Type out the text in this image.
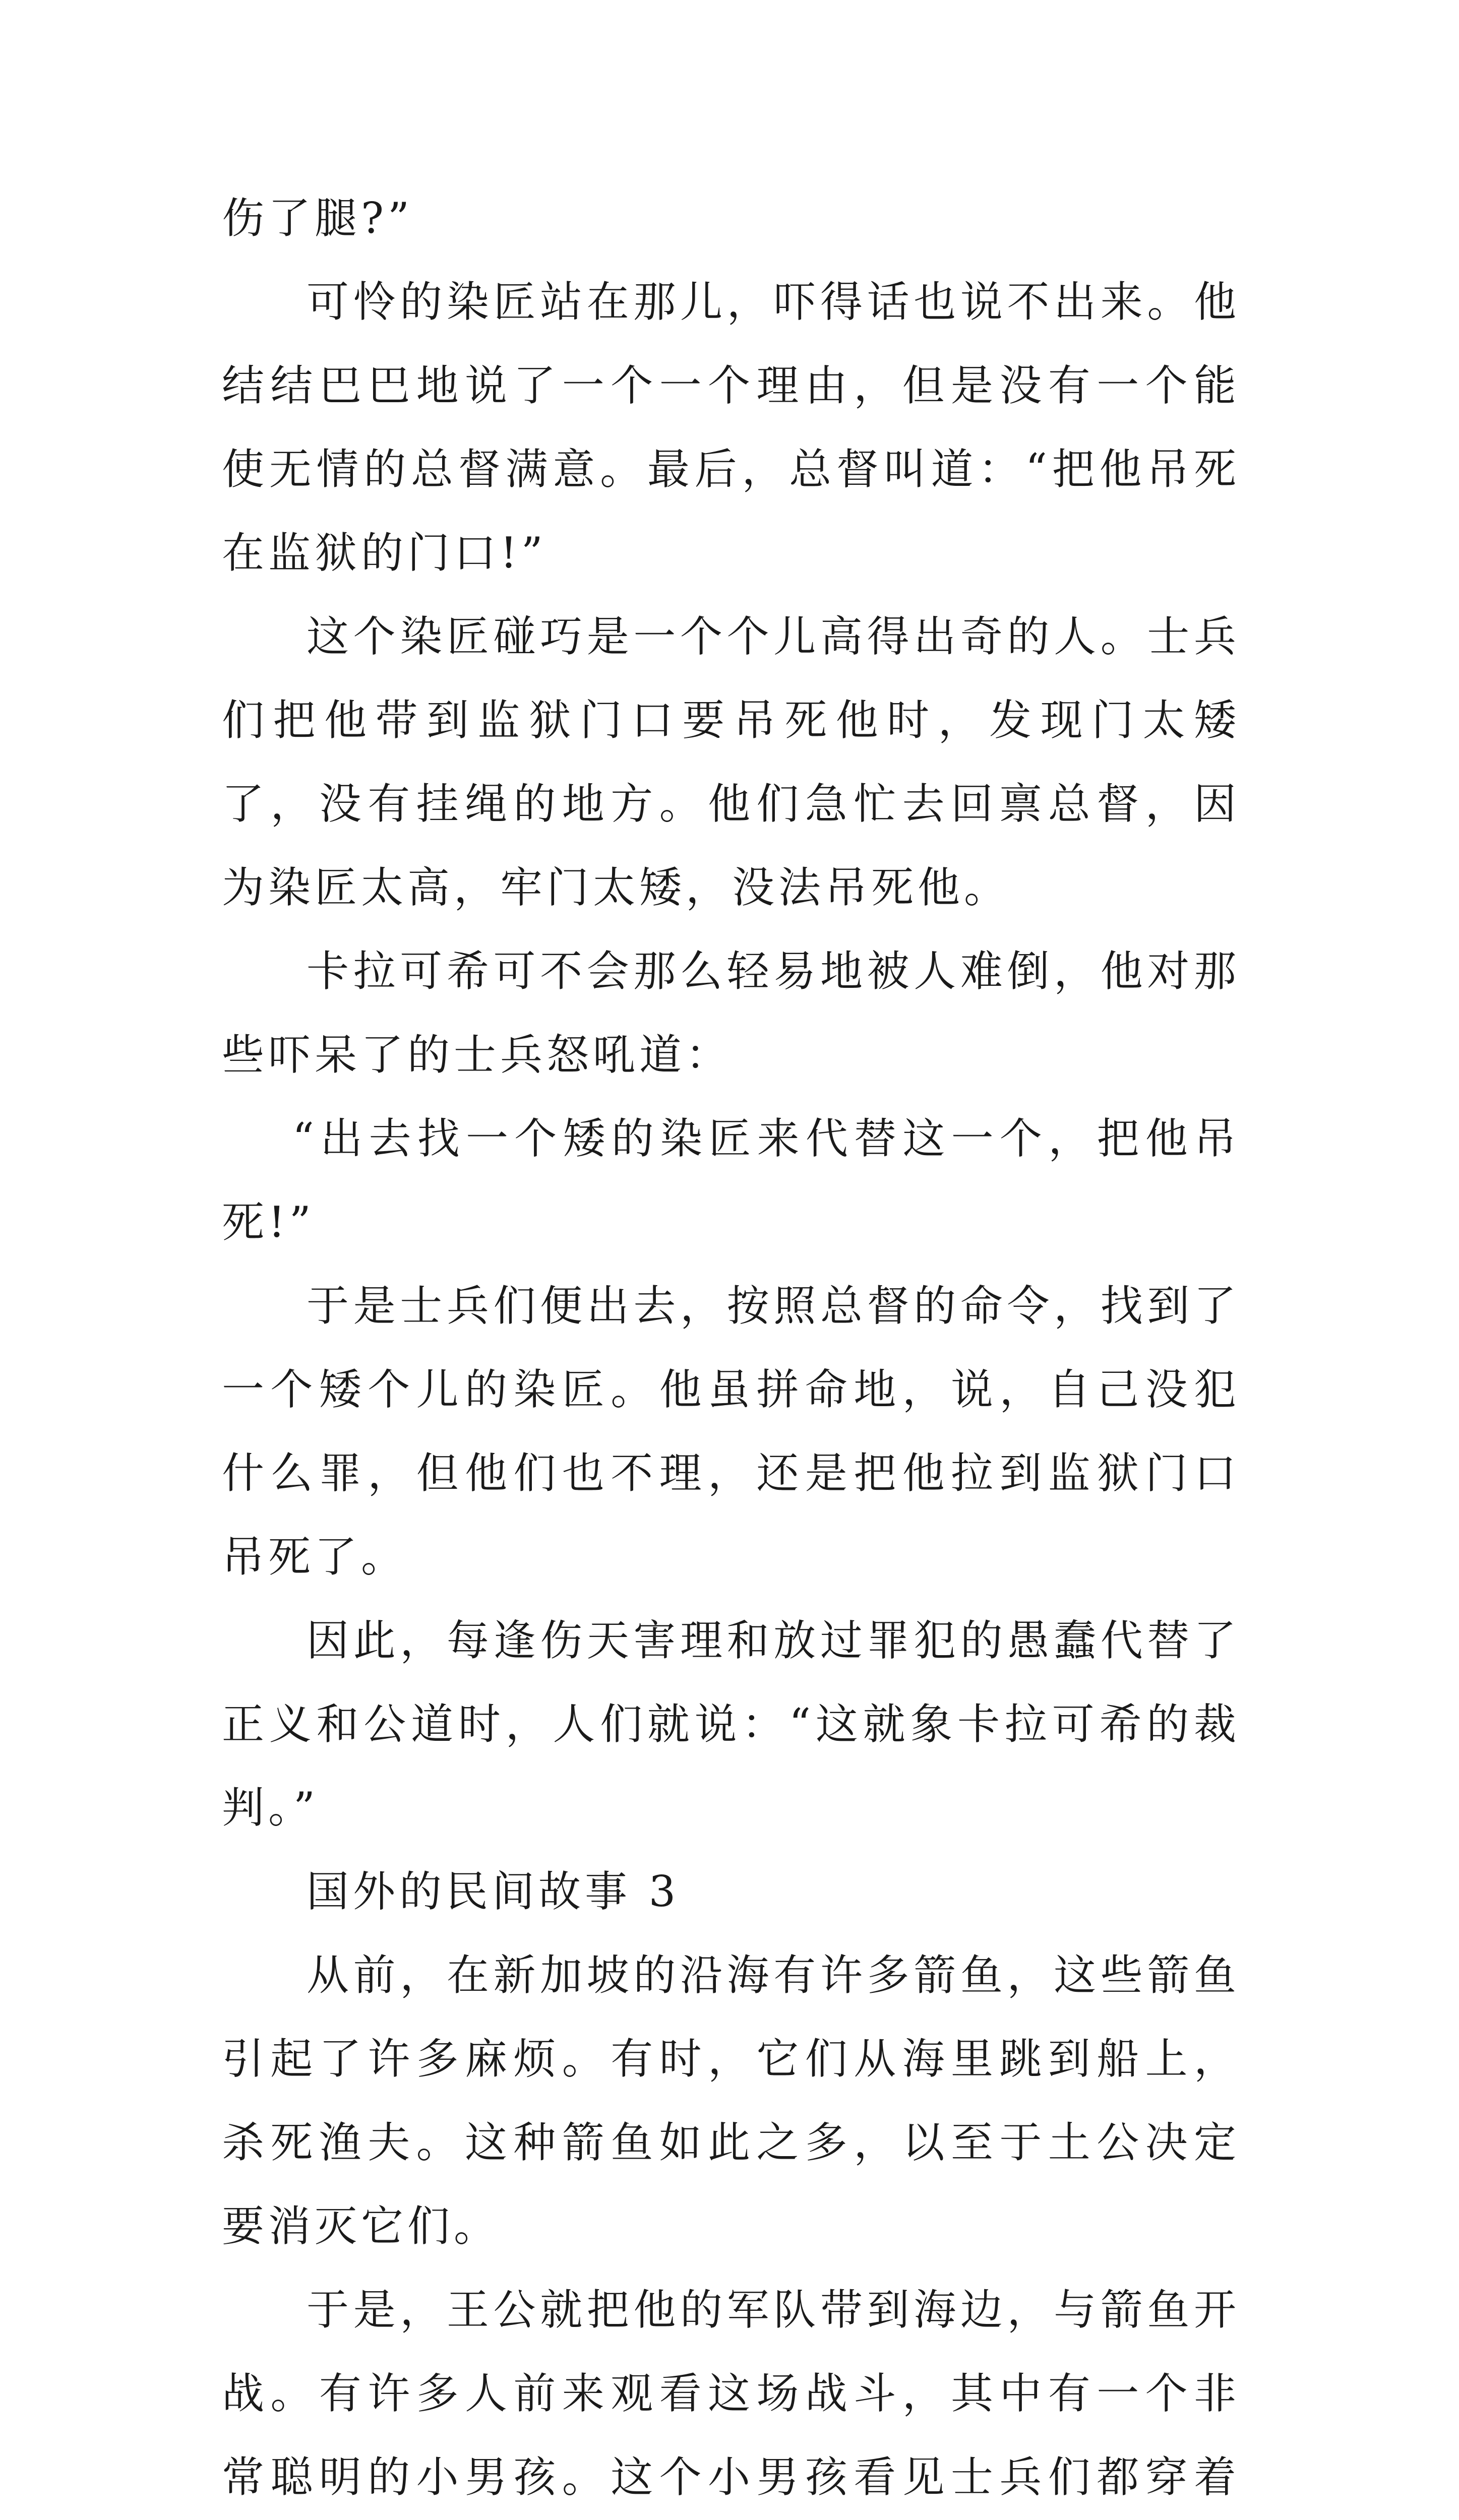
伤了腿?”

可怜的染匠站在那儿，吓得话也说不出来。他结结巴巴地说了一个一个理由，但是没有一个能使无情的总督满意。最后，总督叫道：“把他吊死在监狱的门口!”

这个染匠碰巧是一个个儿高得出奇的人。士兵们把他带到监狱门口要吊死他时，发现门太矮了，没有挂绳的地方。他们急忙去回禀总督，因为染匠太高，牢门太矮，没法吊死他。

卡拉可希可不会那么轻易地被人难倒，他对那些吓呆了的士兵怒吼道：

“出去找一个矮的染匠来代替这一个，把他吊死!”

于是士兵们便出去，按照总督的命令，找到了一个矮个儿的染匠。他虽拼命地，说，自己没犯什么罪，但他们也不理，还是把他拉到监狱门口吊死了。

因此，每逢伤天害理和放过罪犯的愚蠢代替了正义和公道时，人们就说：“这就象卡拉可希的裁判。”

国外的民间故事 3

从前，在新加坡的沿海有许多箭鱼，这些箭鱼引起了许多麻烦。有时，它们从海里跳到船上，杀死渔夫。这种箭鱼如此之多，以至于土公决定要消灭它们。

于是，王公就把他的军队带到海边，与箭鱼开战。有许多人前来观看这场战斗，其中有一个非常聪明的小男孩。这个小男孩看见士兵们都穿着
